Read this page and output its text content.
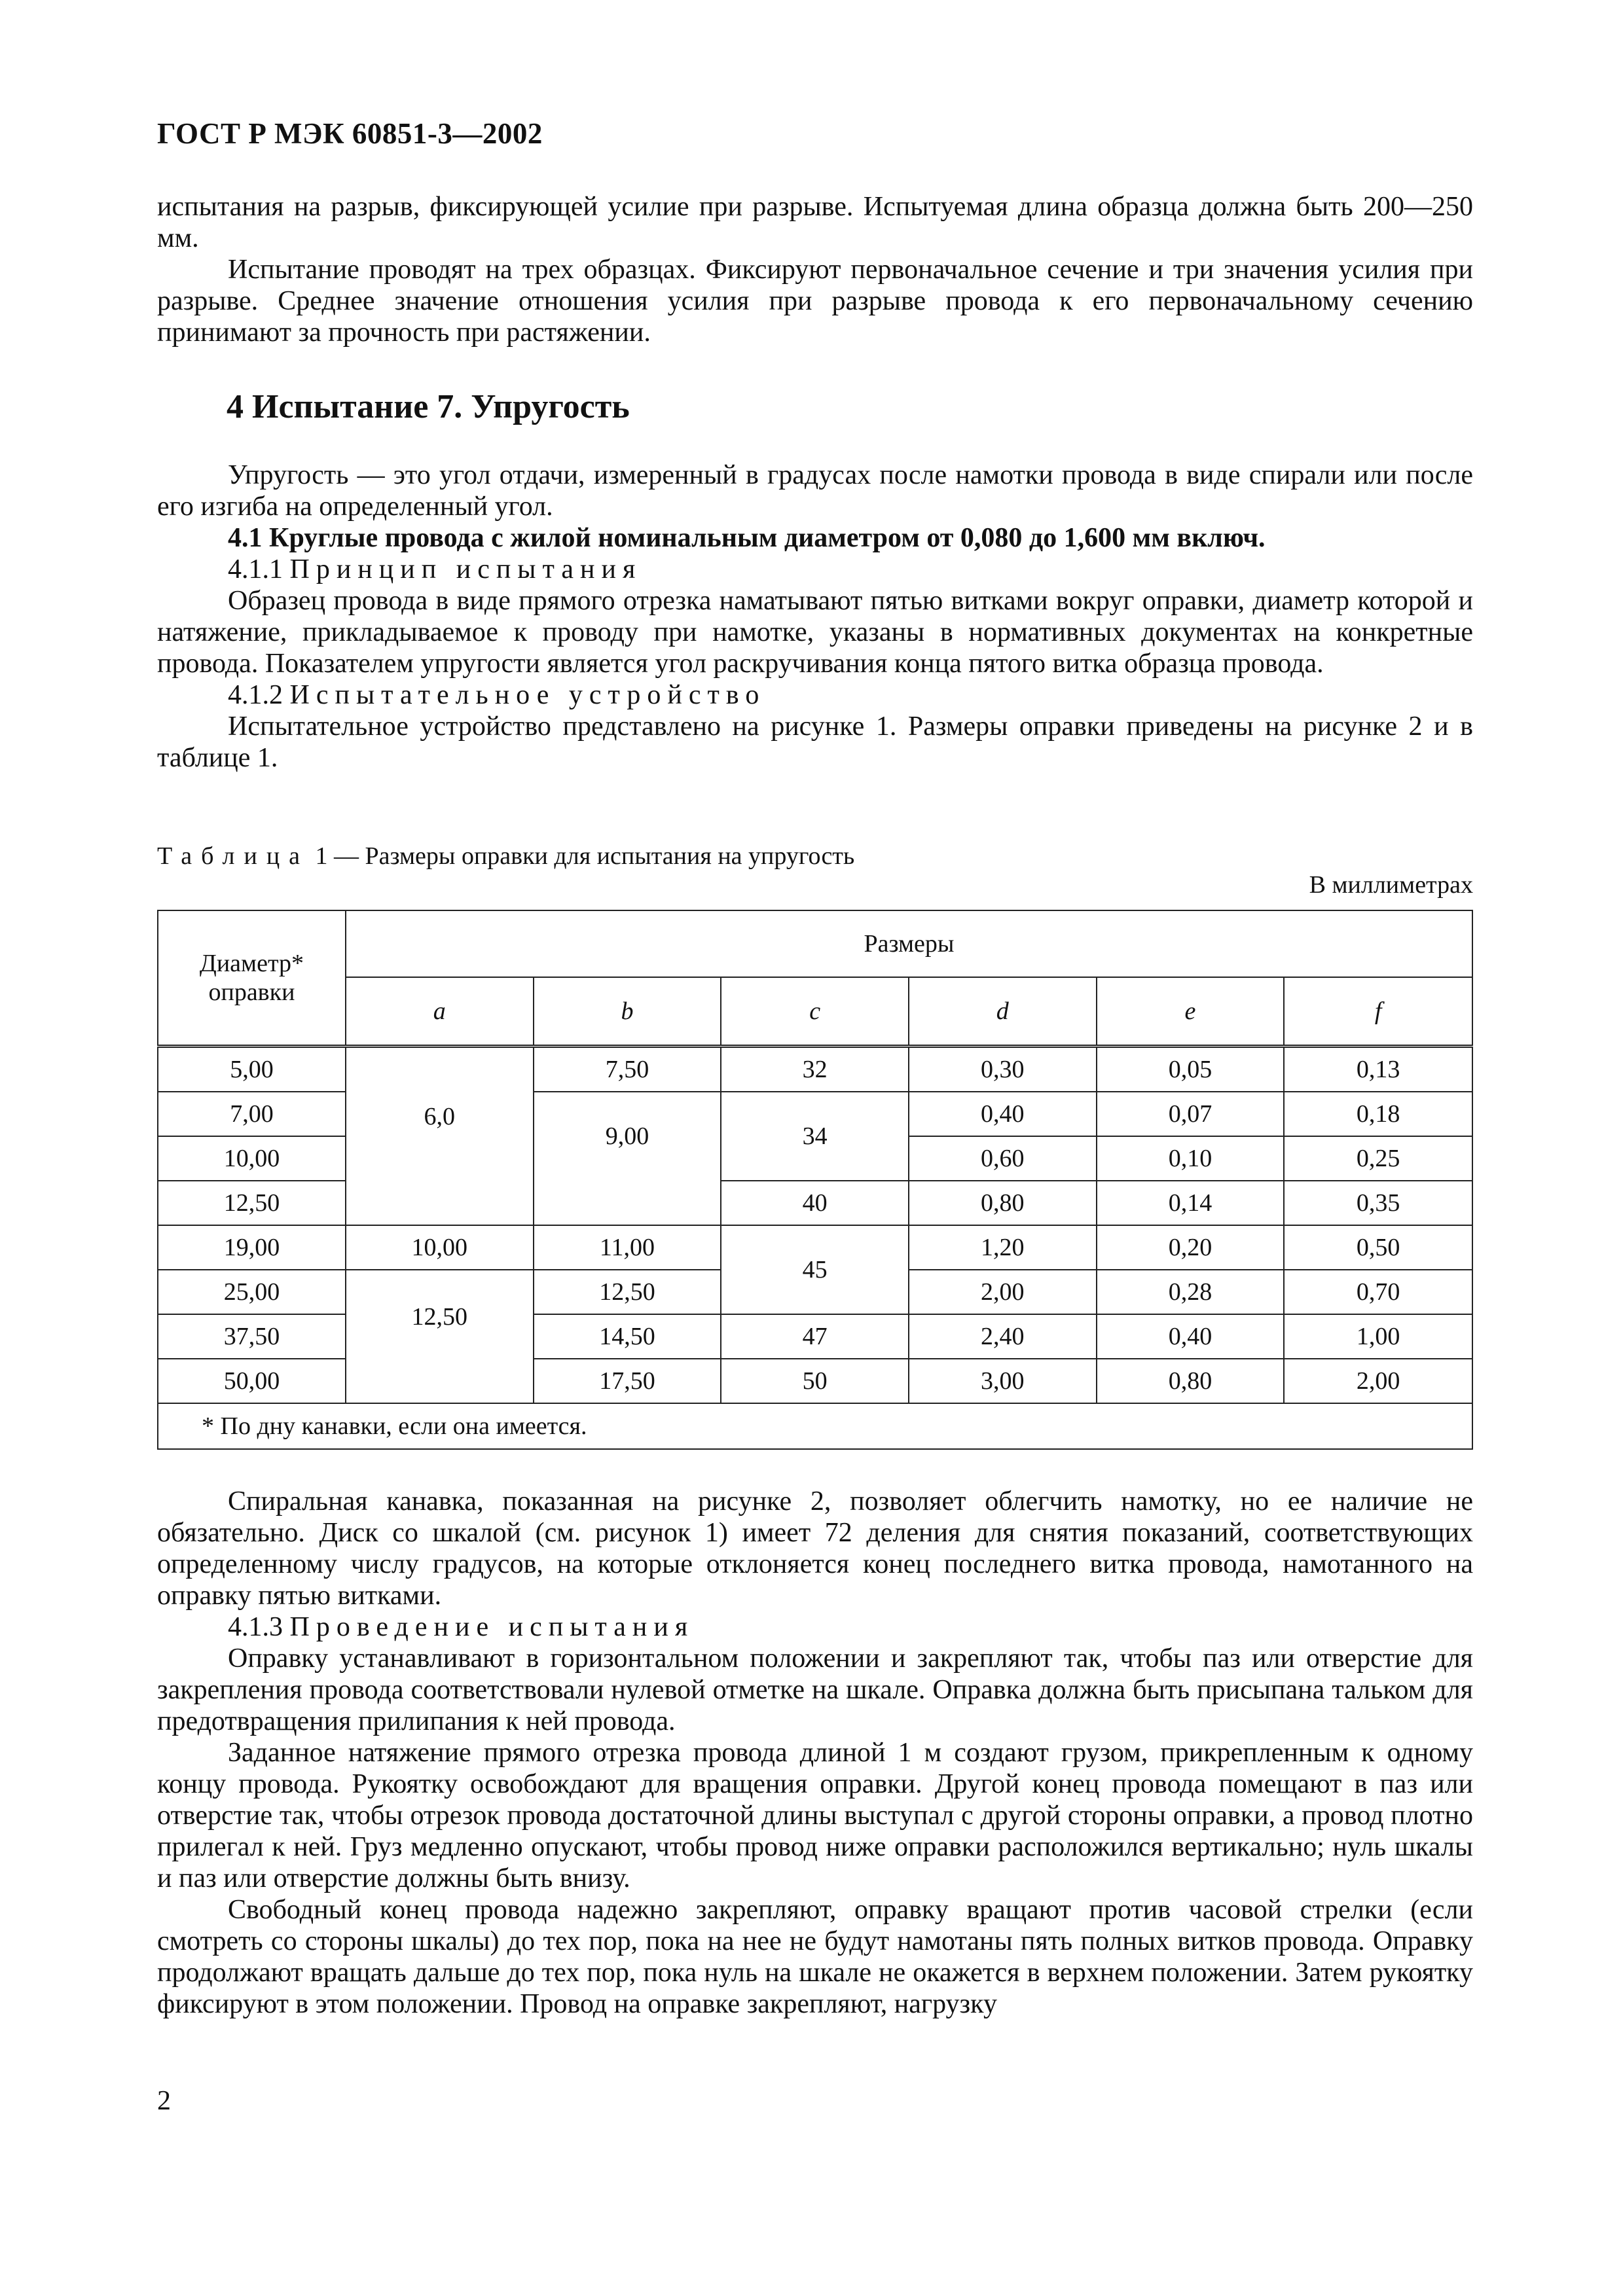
ГОСТ Р МЭК 60851-3—2002

испытания на разрыв, фиксирующей усилие при разрыве. Испытуемая длина образца должна быть 200—250 мм.

Испытание проводят на трех образцах. Фиксируют первоначальное сечение и три значения усилия при разрыве. Среднее значение отношения усилия при разрыве провода к его первоначальному сечению принимают за прочность при растяжении.

4 Испытание 7. Упругость

Упругость — это угол отдачи, измеренный в градусах после намотки провода в виде спирали или после его изгиба на определенный угол.

4.1 Круглые провода с жилой номинальным диаметром от 0,080 до 1,600 мм включ.

4.1.1 Принцип испытания

Образец провода в виде прямого отрезка наматывают пятью витками вокруг оправки, диаметр которой и натяжение, прикладываемое к проводу при намотке, указаны в нормативных документах на конкретные провода. Показателем упругости является угол раскручивания конца пятого витка образца провода.

4.1.2 Испытательное устройство

Испытательное устройство представлено на рисунке 1. Размеры оправки приведены на рисунке 2 и в таблице 1.

Таблица 1 — Размеры оправки для испытания на упругость
В миллиметрах
Диаметр* оправки	Размеры					
	a	b	c	d	e	f
5,00	6,0	7,50	32	0,30	0,05	0,13
7,00		9,00	34	0,40	0,07	0,18
10,00				0,60	0,10	0,25
12,50			40	0,80	0,14	0,35
19,00	10,00	11,00	45	1,20	0,20	0,50
25,00	12,50	12,50		2,00	0,28	0,70
37,50		14,50	47	2,40	0,40	1,00
50,00		17,50	50	3,00	0,80	2,00
* По дну канавки, если она имеется.						

Спиральная канавка, показанная на рисунке 2, позволяет облегчить намотку, но ее наличие не обязательно. Диск со шкалой (см. рисунок 1) имеет 72 деления для снятия показаний, соответствующих определенному числу градусов, на которые отклоняется конец последнего витка провода, намотанного на оправку пятью витками.

4.1.3 Проведение испытания

Оправку устанавливают в горизонтальном положении и закрепляют так, чтобы паз или отверстие для закрепления провода соответствовали нулевой отметке на шкале. Оправка должна быть присыпана тальком для предотвращения прилипания к ней провода.

Заданное натяжение прямого отрезка провода длиной 1 м создают грузом, прикрепленным к одному концу провода. Рукоятку освобождают для вращения оправки. Другой конец провода помещают в паз или отверстие так, чтобы отрезок провода достаточной длины выступал с другой стороны оправки, а провод плотно прилегал к ней. Груз медленно опускают, чтобы провод ниже оправки расположился вертикально; нуль шкалы и паз или отверстие должны быть внизу.

Свободный конец провода надежно закрепляют, оправку вращают против часовой стрелки (если смотреть со стороны шкалы) до тех пор, пока на нее не будут намотаны пять полных витков провода. Оправку продолжают вращать дальше до тех пор, пока нуль на шкале не окажется в верхнем положении. Затем рукоятку фиксируют в этом положении. Провод на оправке закрепляют, нагрузку

2
